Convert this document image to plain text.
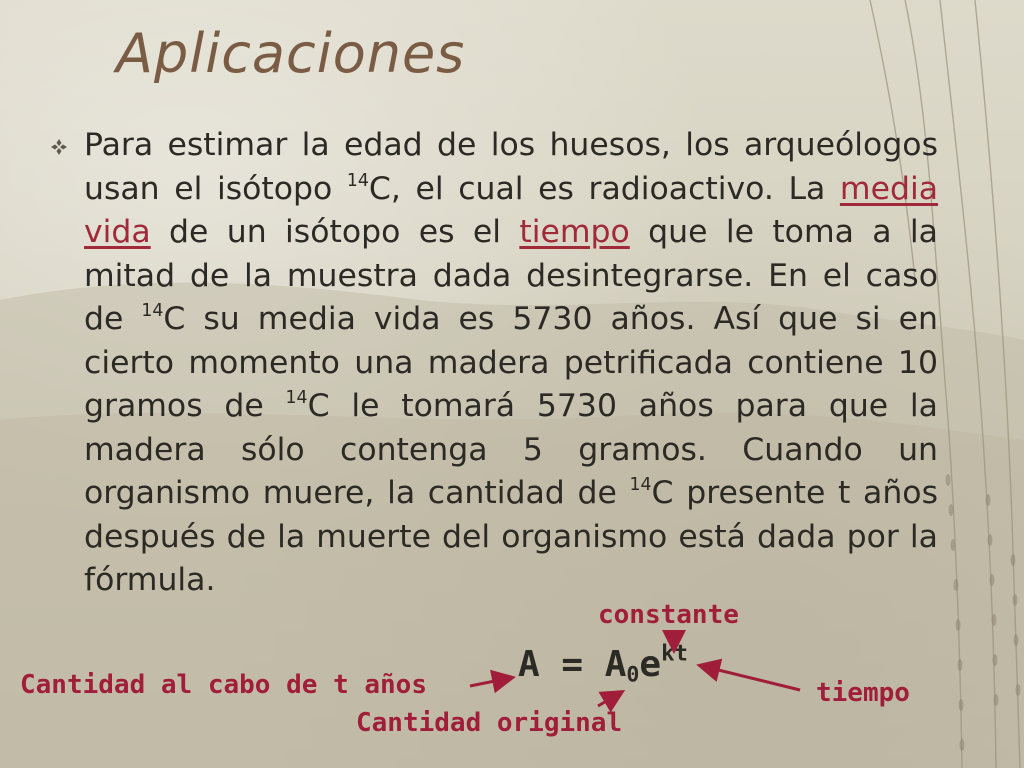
Aplicaciones

Para estimar la edad de los huesos, los arqueólogos usan el isótopo $^{14}$C, el cual es radioactivo. La media vida de un isótopo es el tiempo que le toma a la mitad de la muestra dada desintegrarse. En el caso de $^{14}$C su media vida es 5730 años. Así que si en cierto momento una madera petrificada contiene 10 gramos de $^{14}$C le tomará 5730 años para que la madera sólo contenga 5 gramos. Cuando un organismo muere, la cantidad de $^{14}$C presente t años después de la muerte del organismo está dada por la fórmula.

constante
Cantidad al cabo de t años	tiempo
Cantidad original
$A = A_0e^{kt}$
